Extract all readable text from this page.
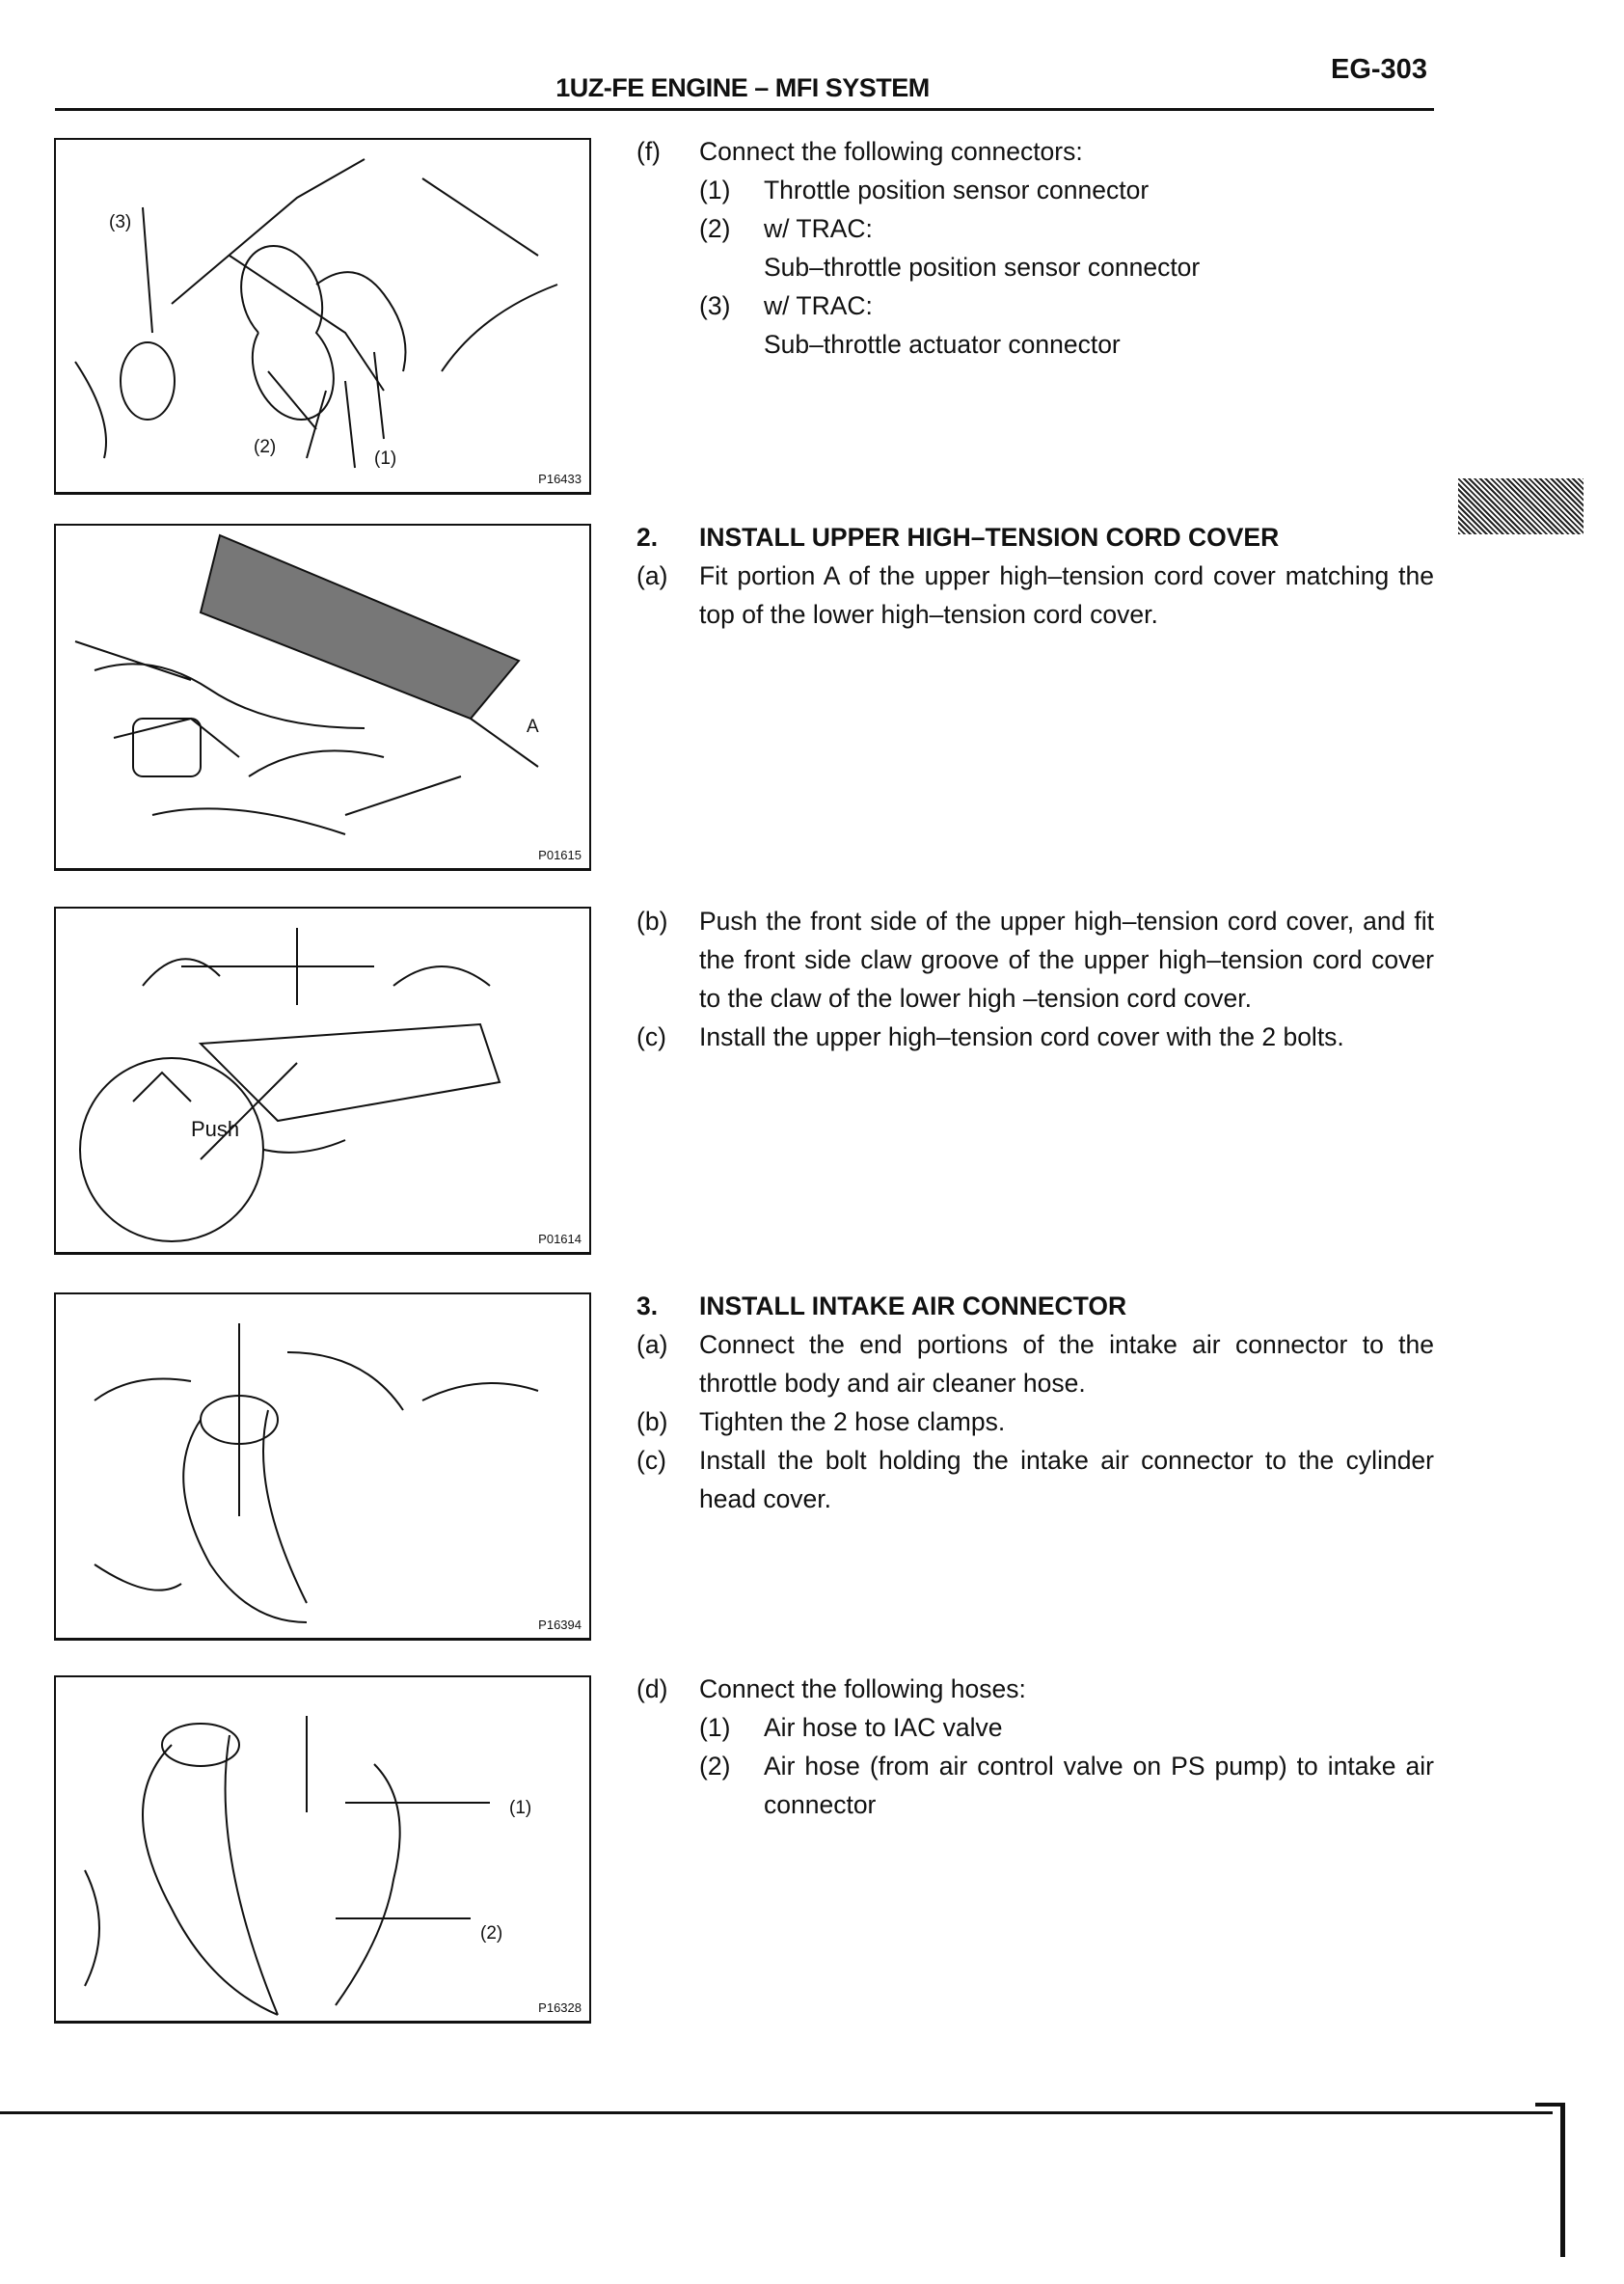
1UZ-FE ENGINE – MFI SYSTEM
EG-303
(3)
(2)
(1)
P16433
A
P01615
Push
P01614
P16394
(1)
(2)
P16328
(f)	Connect the following connectors:
(1)	Throttle position sensor connector
(2)	w/ TRAC:
Sub–throttle position sensor connector
(3)	w/ TRAC:
Sub–throttle actuator connector
2.	INSTALL UPPER HIGH–TENSION CORD COVER
(a)	Fit portion A of the upper high–tension cord cover matching the top of the lower high–tension cord cover.
(b)	Push the front side of the upper high–tension cord cover, and fit the front side claw groove of the upper high–tension cord cover to the claw of the lower high –tension cord cover.
(c)	Install the upper high–tension cord cover with the 2 bolts.
3.	INSTALL INTAKE AIR CONNECTOR
(a)	Connect the end portions of the intake air connector to the throttle body and air cleaner hose.
(b)	Tighten the 2 hose clamps.
(c)	Install the bolt holding the intake air connector to the cylinder head cover.
(d)	Connect the following hoses:
(1)	Air hose to IAC valve
(2)	Air hose (from air control valve on PS pump) to intake air connector
